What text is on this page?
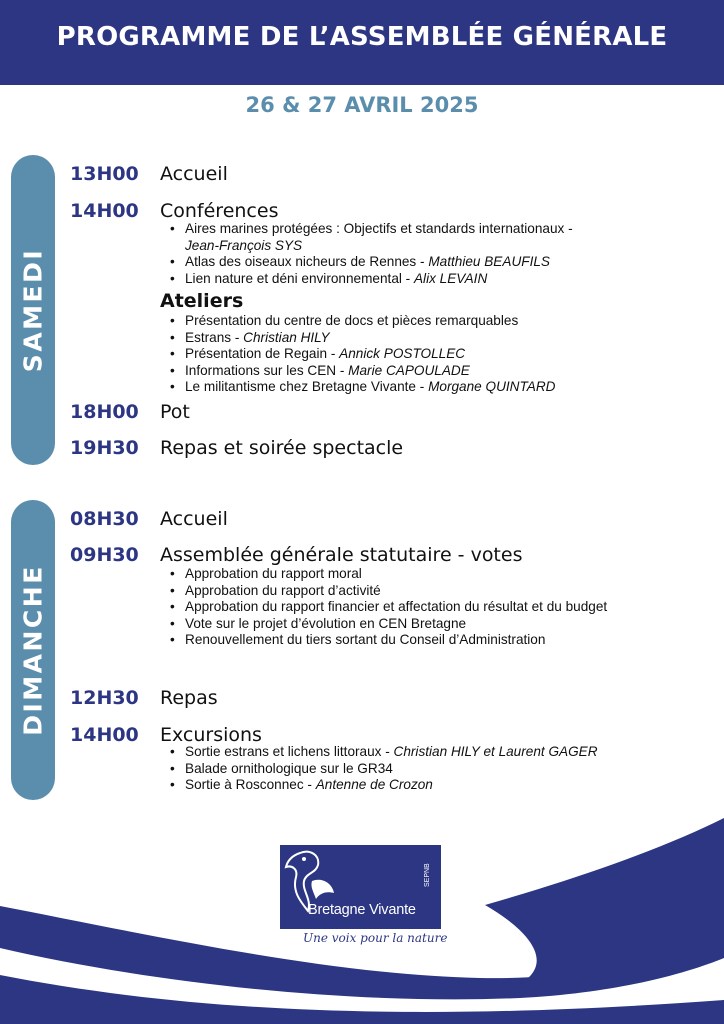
PROGRAMME DE L’ASSEMBLÉE GÉNÉRALE
26 & 27 AVRIL 2025
SAMEDI
13H00 Accueil
14H00 Conférences
• Aires marines protégées : Objectifs et standards internationaux -
Jean-François SYS
• Atlas des oiseaux nicheurs de Rennes - Matthieu BEAUFILS
• Lien nature et déni environnemental - Alix LEVAIN
Ateliers
• Présentation du centre de docs et pièces remarquables
• Estrans - Christian HILY
• Présentation de Regain - Annick POSTOLLEC
• Informations sur les CEN - Marie CAPOULADE
• Le militantisme chez Bretagne Vivante - Morgane QUINTARD
18H00 Pot
19H30 Repas et soirée spectacle
DIMANCHE
08H30 Accueil
09H30 Assemblée générale statutaire - votes
• Approbation du rapport moral
• Approbation du rapport d’activité
• Approbation du rapport financier et affectation du résultat et du budget
• Vote sur le projet d’évolution en CEN Bretagne
• Renouvellement du tiers sortant du Conseil d’Administration
12H30 Repas
14H00 Excursions
• Sortie estrans et lichens littoraux - Christian HILY et Laurent GAGER
• Balade ornithologique sur le GR34
• Sortie à Rosconnec - Antenne de Crozon
Bretagne Vivante
SEPNB
Une voix pour la nature
